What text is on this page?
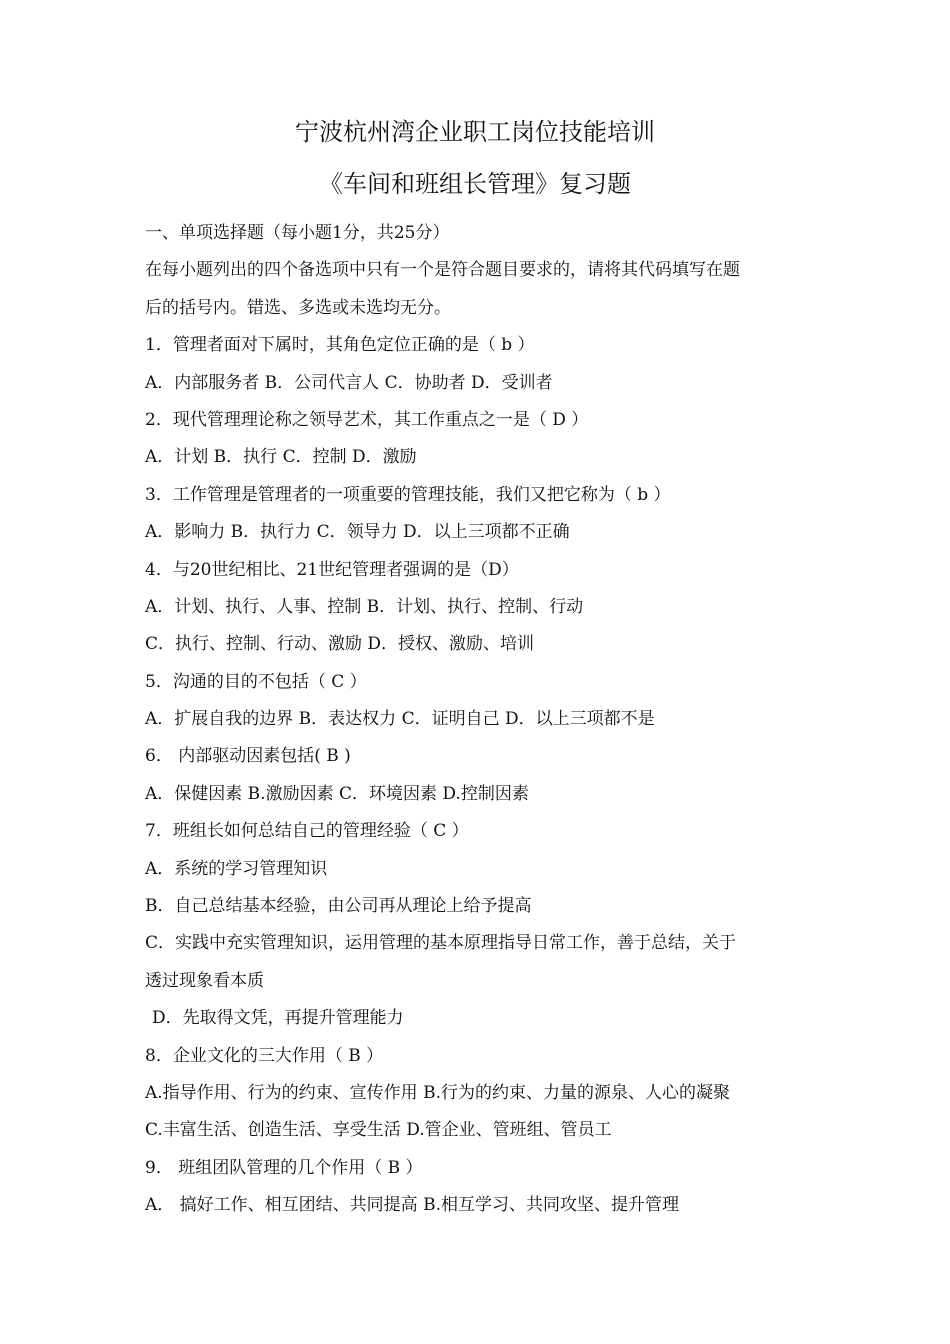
宁波杭州湾企业职工岗位技能培训
《车间和班组长管理》复习题
一、单项选择题（每小题1分，共25分）
在每小题列出的四个备选项中只有一个是符合题目要求的，请将其代码填写在题
后的括号内。错选、多选或未选均无分。
1．管理者面对下属时，其角色定位正确的是（ b ）
A．内部服务者 B．公司代言人 C．协助者 D．受训者
2．现代管理理论称之领导艺术，其工作重点之一是（ D ）
A．计划 B．执行 C．控制 D．激励
3．工作管理是管理者的一项重要的管理技能，我们又把它称为（ b ）
A．影响力 B．执行力 C．领导力 D．以上三项都不正确
4．与20世纪相比、21世纪管理者强调的是（D）
A．计划、执行、人事、控制 B．计划、执行、控制、行动
C．执行、控制、行动、激励 D．授权、激励、培训
5．沟通的目的不包括（ C ）
A．扩展自我的边界 B．表达权力 C．证明自己 D．以上三项都不是
6． 内部驱动因素包括( B )
A．保健因素 B.激励因素 C．环境因素 D.控制因素
7．班组长如何总结自己的管理经验（ C ）
A．系统的学习管理知识
B．自己总结基本经验，由公司再从理论上给予提高
C．实践中充实管理知识，运用管理的基本原理指导日常工作，善于总结，关于
透过现象看本质
D．先取得文凭，再提升管理能力
8．企业文化的三大作用（ B ）
A.指导作用、行为的约束、宣传作用 B.行为的约束、力量的源泉、人心的凝聚
C.丰富生活、创造生活、享受生活 D.管企业、管班组、管员工
9． 班组团队管理的几个作用（ B ）
A． 搞好工作、相互团结、共同提高 B.相互学习、共同攻坚、提升管理
